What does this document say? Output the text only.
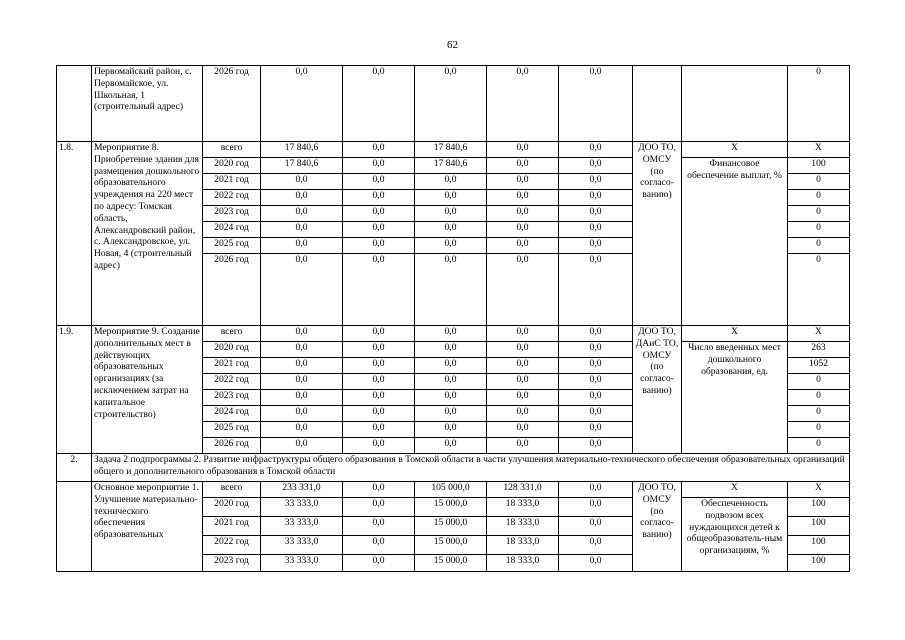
62
	Первомайский район, с. Первомайское, ул. Школьная, 1 (строительный адрес)	2026 год	0,0	0,0	0,0	0,0	0,0			0
1.8.	Мероприятие 8. Приобретение здания для размещения дошкольного образовательного учреждения на 220 мест по адресу: Томская область, Александровский район, с. Александровское, ул. Новая, 4 (строительный адрес)	всего	17 840,6	0,0	17 840,6	0,0	0,0	ДОО ТО, ОМСУ (по согласо-ванию)	X	X
		2020 год	17 840,6	0,0	17 840,6	0,0	0,0		Финансовое обеспечение выплат, %	100
		2021 год	0,0	0,0	0,0	0,0	0,0			0
		2022 год	0,0	0,0	0,0	0,0	0,0			0
		2023 год	0,0	0,0	0,0	0,0	0,0			0
		2024 год	0,0	0,0	0,0	0,0	0,0			0
		2025 год	0,0	0,0	0,0	0,0	0,0			0
		2026 год	0,0	0,0	0,0	0,0	0,0			0
1.9.	Мероприятие 9. Создание дополнительных мест в действующих образовательных организациях (за исключением затрат на капитальное строительство)	всего	0,0	0,0	0,0	0,0	0,0	ДОО ТО, ДАиС ТО, ОМСУ (по согласо-ванию)	X	X
		2020 год	0,0	0,0	0,0	0,0	0,0		Число введенных мест дошкольного образования, ед.	263
		2021 год	0,0	0,0	0,0	0,0	0,0			1052
		2022 год	0,0	0,0	0,0	0,0	0,0			0
		2023 год	0,0	0,0	0,0	0,0	0,0			0
		2024 год	0,0	0,0	0,0	0,0	0,0			0
		2025 год	0,0	0,0	0,0	0,0	0,0			0
		2026 год	0,0	0,0	0,0	0,0	0,0			0
2.	Задача 2 подпрограммы 2. Развитие инфраструктуры общего образования в Томской области в части улучшения материально-технического обеспечения образовательных организаций общего и дополнительного образования в Томской области									
	Основное мероприятие 1. Улучшение материально-технического обеспечения образовательных	всего	233 331,0	0,0	105 000,0	128 331,0	0,0	ДОО ТО, ОМСУ (по согласо-ванию)	X	X
		2020 год	33 333,0	0,0	15 000,0	18 333,0	0,0		Обеспеченность подвозом всех нуждающихся детей к общеобразователь-ным организациям, %	100
		2021 год	33 333,0	0,0	15 000,0	18 333,0	0,0			100
		2022 год	33 333,0	0,0	15 000,0	18 333,0	0,0			100
		2023 год	33 333,0	0,0	15 000,0	18 333,0	0,0			100
